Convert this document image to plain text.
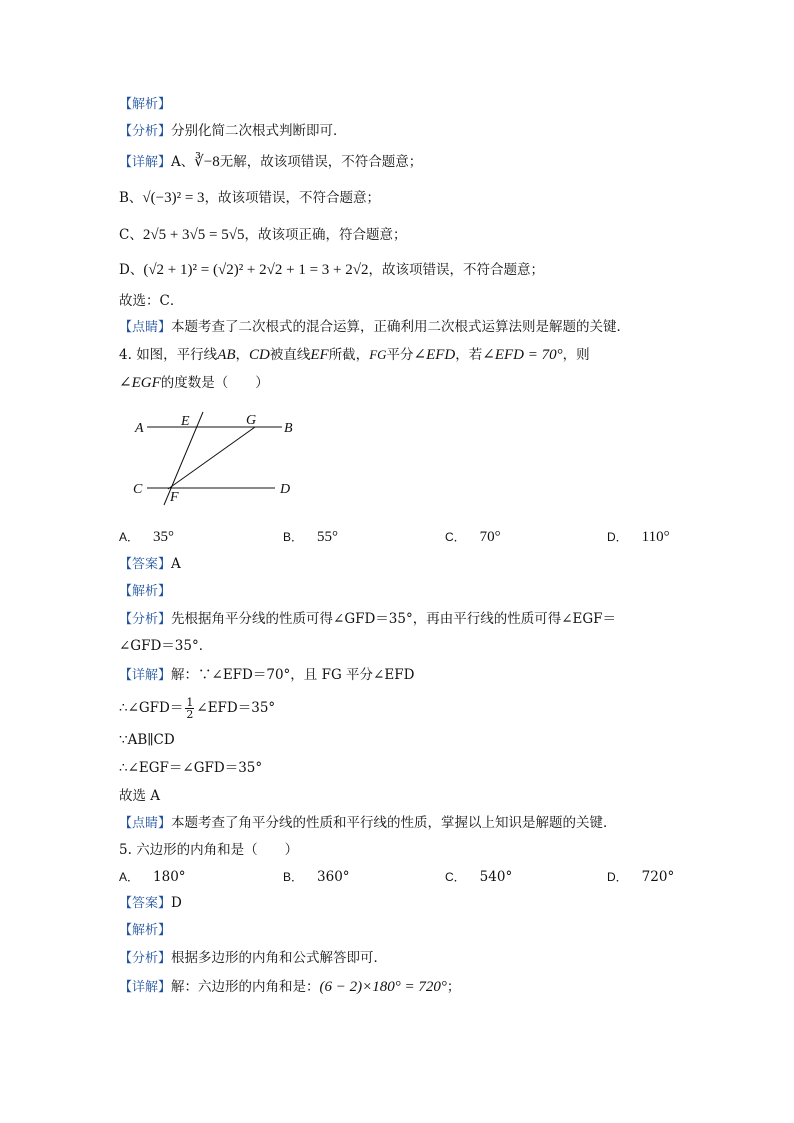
【解析】
【分析】分别化简二次根式判断即可．
【详解】A、∛−8无解，故该项错误，不符合题意；
B、√(−3)² = 3，故该项错误，不符合题意；
C、2√5 + 3√5 = 5√5，故该项正确，符合题意；
D、(√2 + 1)² = (√2)² + 2√2 + 1 = 3 + 2√2，故该项错误，不符合题意；
故选：C．
【点睛】本题考查了二次根式的混合运算，正确利用二次根式运算法则是解题的关键．
4. 如图，平行线AB，CD被直线EF所截，FG平分∠EFD，若∠EFD = 70°，则
∠EGF的度数是（　　）
A	E	G
B
C
F
D
A． 35°	B． 55°	C． 70°	D． 110°
【答案】A
【解析】
【分析】先根据角平分线的性质可得∠GFD＝35°，再由平行线的性质可得∠EGF＝
∠GFD＝35°．
【详解】解：∵∠EFD＝70°，且 FG 平分∠EFD
∴∠GFD＝ $\frac{1}{2}$ ∠EFD＝35°
∵AB∥CD
∴∠EGF＝∠GFD＝35°
故选 A
【点睛】本题考查了角平分线的性质和平行线的性质，掌握以上知识是解题的关键．
5. 六边形的内角和是（　　）
A． 180°	B． 360°	C． 540°	D． 720°
【答案】D
【解析】
【分析】根据多边形的内角和公式解答即可．
【详解】解：六边形的内角和是：(6 − 2)×180° = 720°；
